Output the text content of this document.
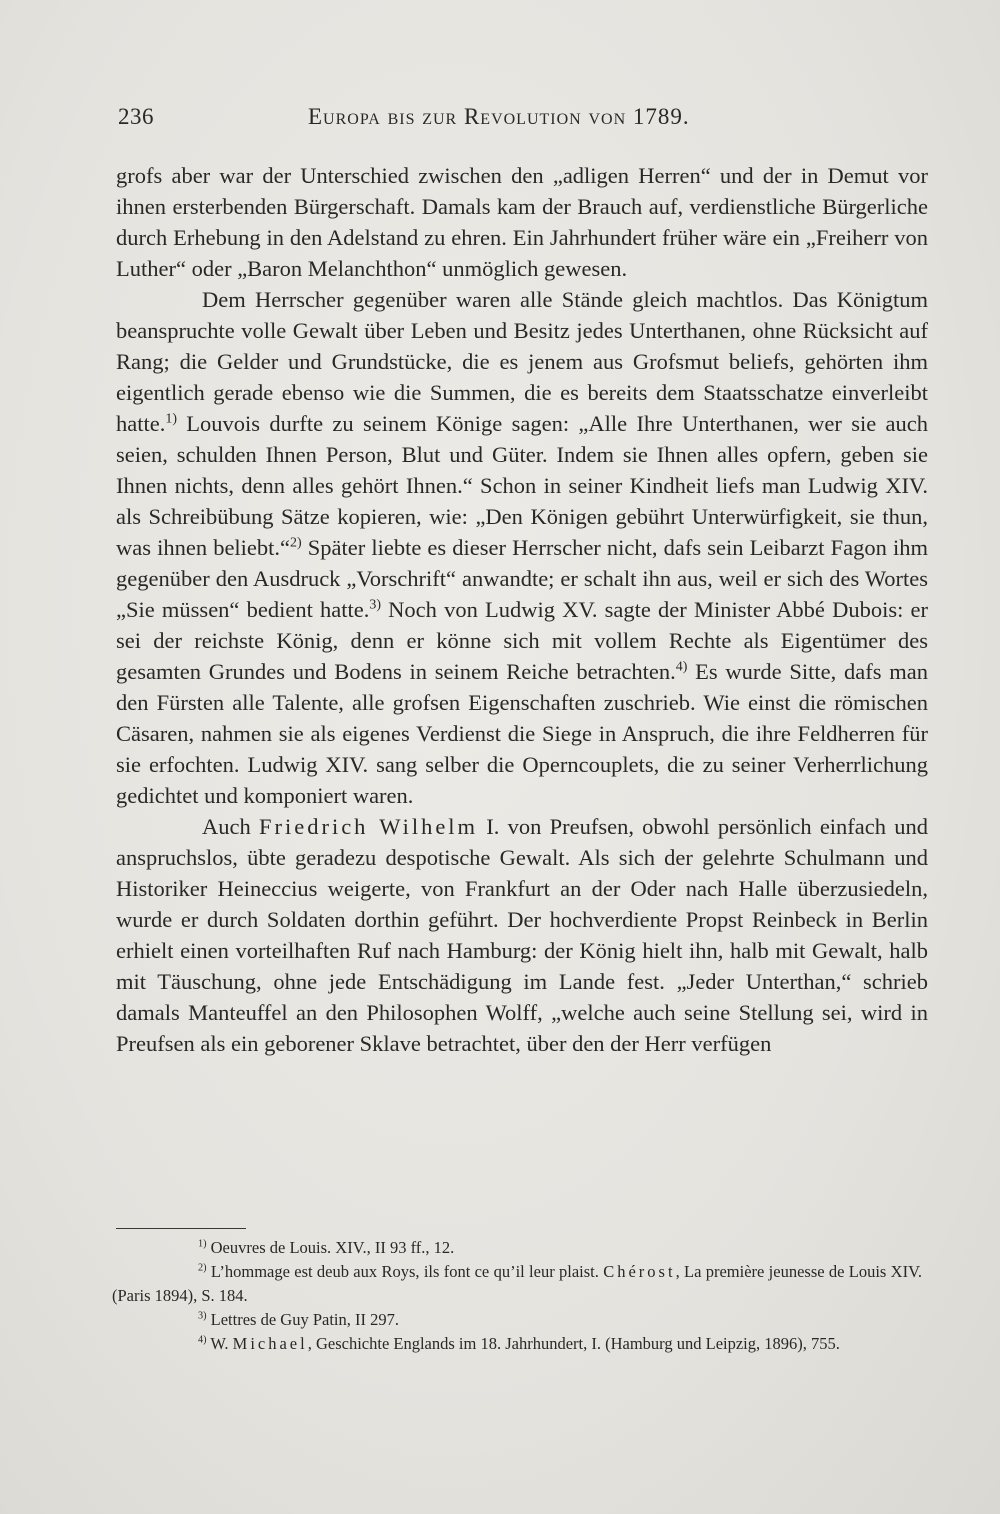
236	Europa bis zur Revolution von 1789.

grofs aber war der Unterschied zwischen den „adligen Herren“ und der in Demut vor ihnen ersterbenden Bürgerschaft. Damals kam der Brauch auf, verdienstliche Bürgerliche durch Erhebung in den Adelstand zu ehren. Ein Jahrhundert früher wäre ein „Freiherr von Luther“ oder „Baron Melanchthon“ unmöglich gewesen.

Dem Herrscher gegenüber waren alle Stände gleich machtlos. Das Königtum beanspruchte volle Gewalt über Leben und Besitz jedes Unterthanen, ohne Rücksicht auf Rang; die Gelder und Grundstücke, die es jenem aus Grofsmut beliefs, gehörten ihm eigentlich gerade ebenso wie die Summen, die es bereits dem Staatsschatze einverleibt hatte.$^{1)}$ Louvois durfte zu seinem Könige sagen: „Alle Ihre Unterthanen, wer sie auch seien, schulden Ihnen Person, Blut und Güter. Indem sie Ihnen alles opfern, geben sie Ihnen nichts, denn alles gehört Ihnen.“ Schon in seiner Kindheit liefs man Ludwig XIV. als Schreibübung Sätze kopieren, wie: „Den Königen gebührt Unterwürfigkeit, sie thun, was ihnen beliebt.“$^{2)}$ Später liebte es dieser Herrscher nicht, dafs sein Leibarzt Fagon ihm gegenüber den Ausdruck „Vorschrift“ anwandte; er schalt ihn aus, weil er sich des Wortes „Sie müssen“ bedient hatte.$^{3)}$ Noch von Ludwig XV. sagte der Minister Abbé Dubois: er sei der reichste König, denn er könne sich mit vollem Rechte als Eigentümer des gesamten Grundes und Bodens in seinem Reiche betrachten.$^{4)}$ Es wurde Sitte, dafs man den Fürsten alle Talente, alle grofsen Eigenschaften zuschrieb. Wie einst die römischen Cäsaren, nahmen sie als eigenes Verdienst die Siege in Anspruch, die ihre Feldherren für sie erfochten. Ludwig XIV. sang selber die Operncouplets, die zu seiner Verherrlichung gedichtet und komponiert waren.

Auch Friedrich Wilhelm I. von Preufsen, obwohl persönlich einfach und anspruchslos, übte geradezu despotische Gewalt. Als sich der gelehrte Schulmann und Historiker Heineccius weigerte, von Frankfurt an der Oder nach Halle überzusiedeln, wurde er durch Soldaten dorthin geführt. Der hochverdiente Propst Reinbeck in Berlin erhielt einen vorteilhaften Ruf nach Hamburg: der König hielt ihn, halb mit Gewalt, halb mit Täuschung, ohne jede Entschädigung im Lande fest. „Jeder Unterthan,“ schrieb damals Manteuffel an den Philosophen Wolff, „welche auch seine Stellung sei, wird in Preufsen als ein geborener Sklave betrachtet, über den der Herr verfügen

$^{1)}$ Oeuvres de Louis. XIV., II 93 ff., 12.

$^{2)}$ L’hommage est deub aux Roys, ils font ce qu’il leur plaist. Chérost, La première jeunesse de Louis XIV. (Paris 1894), S. 184.

$^{3)}$ Lettres de Guy Patin, II 297.

$^{4)}$ W. Michael, Geschichte Englands im 18. Jahrhundert, I. (Hamburg und Leipzig, 1896), 755.
